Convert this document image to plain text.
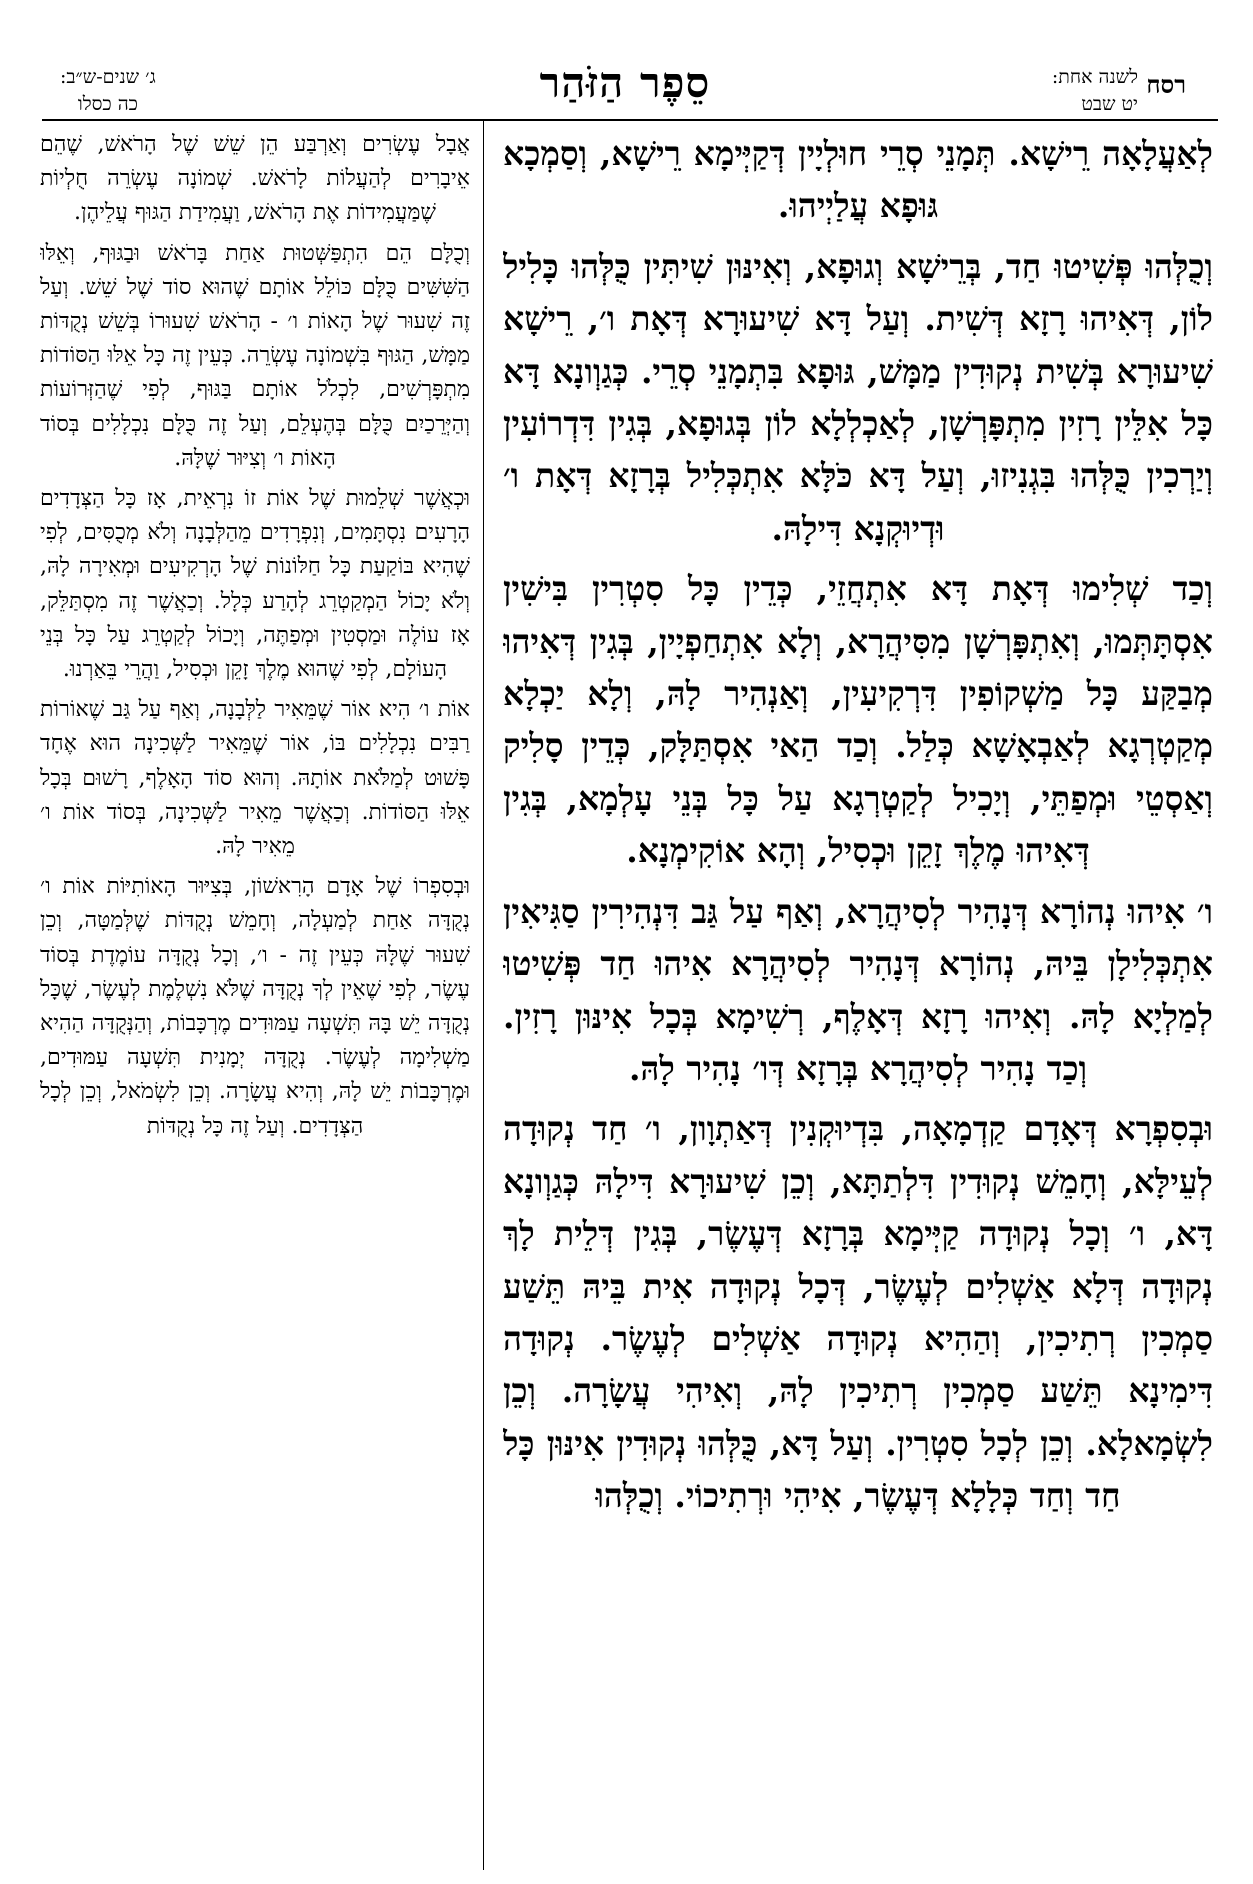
רסח
לשנה אחת:
יט שבט
סֵפֶר הַזֹּהַר
ג׳ שנים-ש״ב:
כה כסלו

לְאַעֲלָאָה רֵישָׁא. תְּמָנֵי סְרֵי חוּלְיָין דְּקַיְּימָא רֵישָׁא, וְסַמְכָא גּוּפָא עֲלַיְיהוּ.

וְכֻלְּהוּ פְּשִׁיטוּ חַד, בְּרֵישָׁא וְגוּפָא, וְאִינּוּן שִׁיתִּין כֻּלְּהוּ כָּלִיל לוֹן, דְּאִיהוּ רָזָא דְּשִׁית. וְעַל דָּא שִׁיעוּרָא דְּאָת ו׳, רֵישָׁא שִׁיעוּרָא בְּשִׁית נְקוּדִין מַמָּשׁ, גּוּפָא בִּתְמָנֵי סְרֵי. כְּגַוְונָא דָּא כָּל אִלֵּין רָזִין מִתְפָּרְשָׁן, לְאַכְלְלָא לוֹן בְּגוּפָא, בְּגִין דִּדְרוֹעִין וְיַרְכִין כֻּלְּהוּ בִּגְנִיזוּ, וְעַל דָּא כֹּלָּא אִתְכְּלִיל בְּרָזָא דְּאָת ו׳ וּדְיוּקְנָא דִּילָהּ.

וְכַד שְׁלִימוּ דְּאָת דָּא אִתְחֲזֵי, כְּדֵין כָּל סִטְרִין בִּישִׁין אִסְתָּתְּמוּ, וְאִתְפָּרְשָׁן מִסִּיהֲרָא, וְלָא אִתְחַפְיָין, בְּגִין דְּאִיהוּ מְבַקַּע כָּל מַשְׁקוֹפִין דִּרְקִיעִין, וְאַנְהִיר לָהּ, וְלָא יַכְלָא מְקַטְרְגָא לְאַבְאָשָׁא כְּלַל. וְכַד הַאי אִסְתַּלָּק, כְּדֵין סָלִיק וְאַסְטֵי וּמְפַתֵּי, וְיָכִיל לְקַטְרְגָא עַל כָּל בְּנֵי עָלְמָא, בְּגִין דְּאִיהוּ מֶלֶךְ זָקֵן וּכְסִיל, וְהָא אוֹקִימְנָא.

ו׳ אִיהוּ נְהוֹרָא דְּנָהִיר לְסִיהֲרָא, וְאַף עַל גַּב דִּנְהִירִין סַגִּיאִין אִתְכְּלִילָן בֵּיהּ, נְהוֹרָא דְּנָהִיר לְסִיהֲרָא אִיהוּ חַד פְּשִׁיטוּ לְמַלְיָא לָהּ. וְאִיהוּ רָזָא דְּאָלֶף, רְשִׁימָא בְּכָל אִינּוּן רָזִין. וְכַד נָהִיר לְסִיהֲרָא בְּרָזָא דְּו׳ נָהִיר לָהּ.

וּבְסִפְרָא דְּאָדָם קַדְמָאָה, בִּדְיוּקְנִין דְּאַתְוָון, ו׳ חַד נְקוּדָה לְעֵילָּא, וְחָמֵשׁ נְקוּדִין דִּלְתַתָּא, וְכֵן שִׁיעוּרָא דִּילָהּ כְּגַוְונָא דָּא, ו׳ וְכָל נְקוּדָה קַיְּימָא בְּרָזָא דְּעֶשֶׂר, בְּגִין דְּלֵית לָךְ נְקוּדָה דְּלָא אַשְׁלִים לְעֶשֶׂר, דְּכָל נְקוּדָה אִית בֵּיהּ תֵּשַׁע סַמְכִין רְתִיכִין, וְהַהִיא נְקוּדָה אַשְׁלִים לְעֶשֶׂר. נְקוּדָה דִּימִינָא תֵּשַׁע סַמְכִין רְתִיכִין לָהּ, וְאִיהִי עֲשָׂרָה. וְכֵן לִשְׂמָאלָא. וְכֵן לְכָל סִטְרִין. וְעַל דָּא, כֻּלְּהוּ נְקוּדִין אִינּוּן כָּל חַד וְחַד כְּלָלָא דְּעֶשֶׂר, אִיהִי וּרְתִיכוֹי. וְכֻלְּהוּ

אֲבָל עֶשְׂרִים וְאַרְבַּע הֵן שֵׁשׁ שֶׁל הָרֹאשׁ, שֶׁהֵם אֵיבָרִים לְהַעֲלוֹת לָרֹאשׁ. שְׁמוֹנָה עֶשְׂרֵה חֻלְיוֹת שֶׁמַּעֲמִידוֹת אֶת הָרֹאשׁ, וַעֲמִידַת הַגּוּף עֲלֵיהֶן.

וְכֻלָּם הֵם הִתְפַּשְּׁטוּת אַחַת בָּרֹאשׁ וּבַגּוּף, וְאֵלּוּ הַשִּׁשִּׁים כֻּלָּם כּוֹלֵל אוֹתָם שֶׁהוּא סוֹד שֶׁל שֵׁשׁ. וְעַל זֶה שִׁעוּר שֶׁל הָאוֹת ו׳ - הָרֹאשׁ שִׁעוּרוֹ בְּשֵׁשׁ נְקֻדּוֹת מַמָּשׁ, הַגּוּף בִּשְׁמוֹנָה עֶשְׂרֵה. כְּעֵין זֶה כָּל אֵלּוּ הַסּוֹדוֹת מִתְפָּרְשִׁים, לִכְלֹל אוֹתָם בַּגּוּף, לְפִי שֶׁהַזְּרוֹעוֹת וְהַיְּרֵכַיִם כֻּלָּם בְּהֶעְלֵם, וְעַל זֶה כֻּלָּם נִכְלָלִים בְּסוֹד הָאוֹת ו׳ וְצִיּוּר שֶׁלָּהּ.

וּכְאֲשֶׁר שְׁלֵמוּת שֶׁל אוֹת זוֹ נִרְאֵית, אָז כָּל הַצְּדָדִים הָרָעִים נִסְתָּמִים, וְנִפְרָדִים מֵהַלְּבָנָה וְלֹא מְכֻסִּים, לְפִי שֶׁהִיא בּוֹקַעַת כָּל חַלּוֹנוֹת שֶׁל הָרְקִיעִים וּמְאִירָה לָהּ, וְלֹא יָכוֹל הַמְקַטְרֵג לְהָרַע כְּלָל. וְכַאֲשֶׁר זֶה מִסְתַּלֵּק, אָז עוֹלֶה וּמַסְטִין וּמְפַתֶּה, וְיָכוֹל לְקַטְרֵג עַל כָּל בְּנֵי הָעוֹלָם, לְפִי שֶׁהוּא מֶלֶךְ זָקֵן וּכְסִיל, וַהֲרֵי בֵּאַרְנוּ.

אוֹת ו׳ הִיא אוֹר שֶׁמֵּאִיר לַלְּבָנָה, וְאַף עַל גַּב שֶׁאוֹרוֹת רַבִּים נִכְלָלִים בּוֹ, אוֹר שֶׁמֵּאִיר לַשְּׁכִינָה הוּא אֶחָד פָּשׁוּט לְמַלֹּאת אוֹתָהּ. וְהוּא סוֹד הָאָלֶף, רָשׁוּם בְּכָל אֵלּוּ הַסּוֹדוֹת. וְכַאֲשֶׁר מֵאִיר לַשְּׁכִינָה, בְּסוֹד אוֹת ו׳ מֵאִיר לָהּ.

וּבְסִפְרוֹ שֶׁל אָדָם הָרִאשׁוֹן, בְּצִיּוּר הָאוֹתִיּוֹת אוֹת ו׳ נְקֻדָּה אַחַת לְמַעְלָה, וְחָמֵשׁ נְקֻדּוֹת שֶׁלְּמַטָּה, וְכֵן שִׁעוּר שֶׁלָּהּ כְּעֵין זֶה - ו׳, וְכָל נְקֻדָּה עוֹמֶדֶת בְּסוֹד עֶשֶׂר, לְפִי שֶׁאֵין לְךָ נְקֻדָּה שֶׁלֹּא נִשְׁלֶמֶת לְעֶשֶׂר, שֶׁכָּל נְקֻדָּה יֵשׁ בָּהּ תִּשְׁעָה עַמּוּדִים מֶרְכָּבוֹת, וְהַנְּקֻדָּה הַהִיא מַשְׁלִימָה לְעֶשֶׂר. נְקֻדָּה יְמָנִית תִּשְׁעָה עַמּוּדִים, וּמֶרְכָּבוֹת יֵשׁ לָהּ, וְהִיא עֲשָׂרָה. וְכֵן לִשְׂמֹאל, וְכֵן לְכָל הַצְּדָדִים. וְעַל זֶה כָּל נְקֻדּוֹת
